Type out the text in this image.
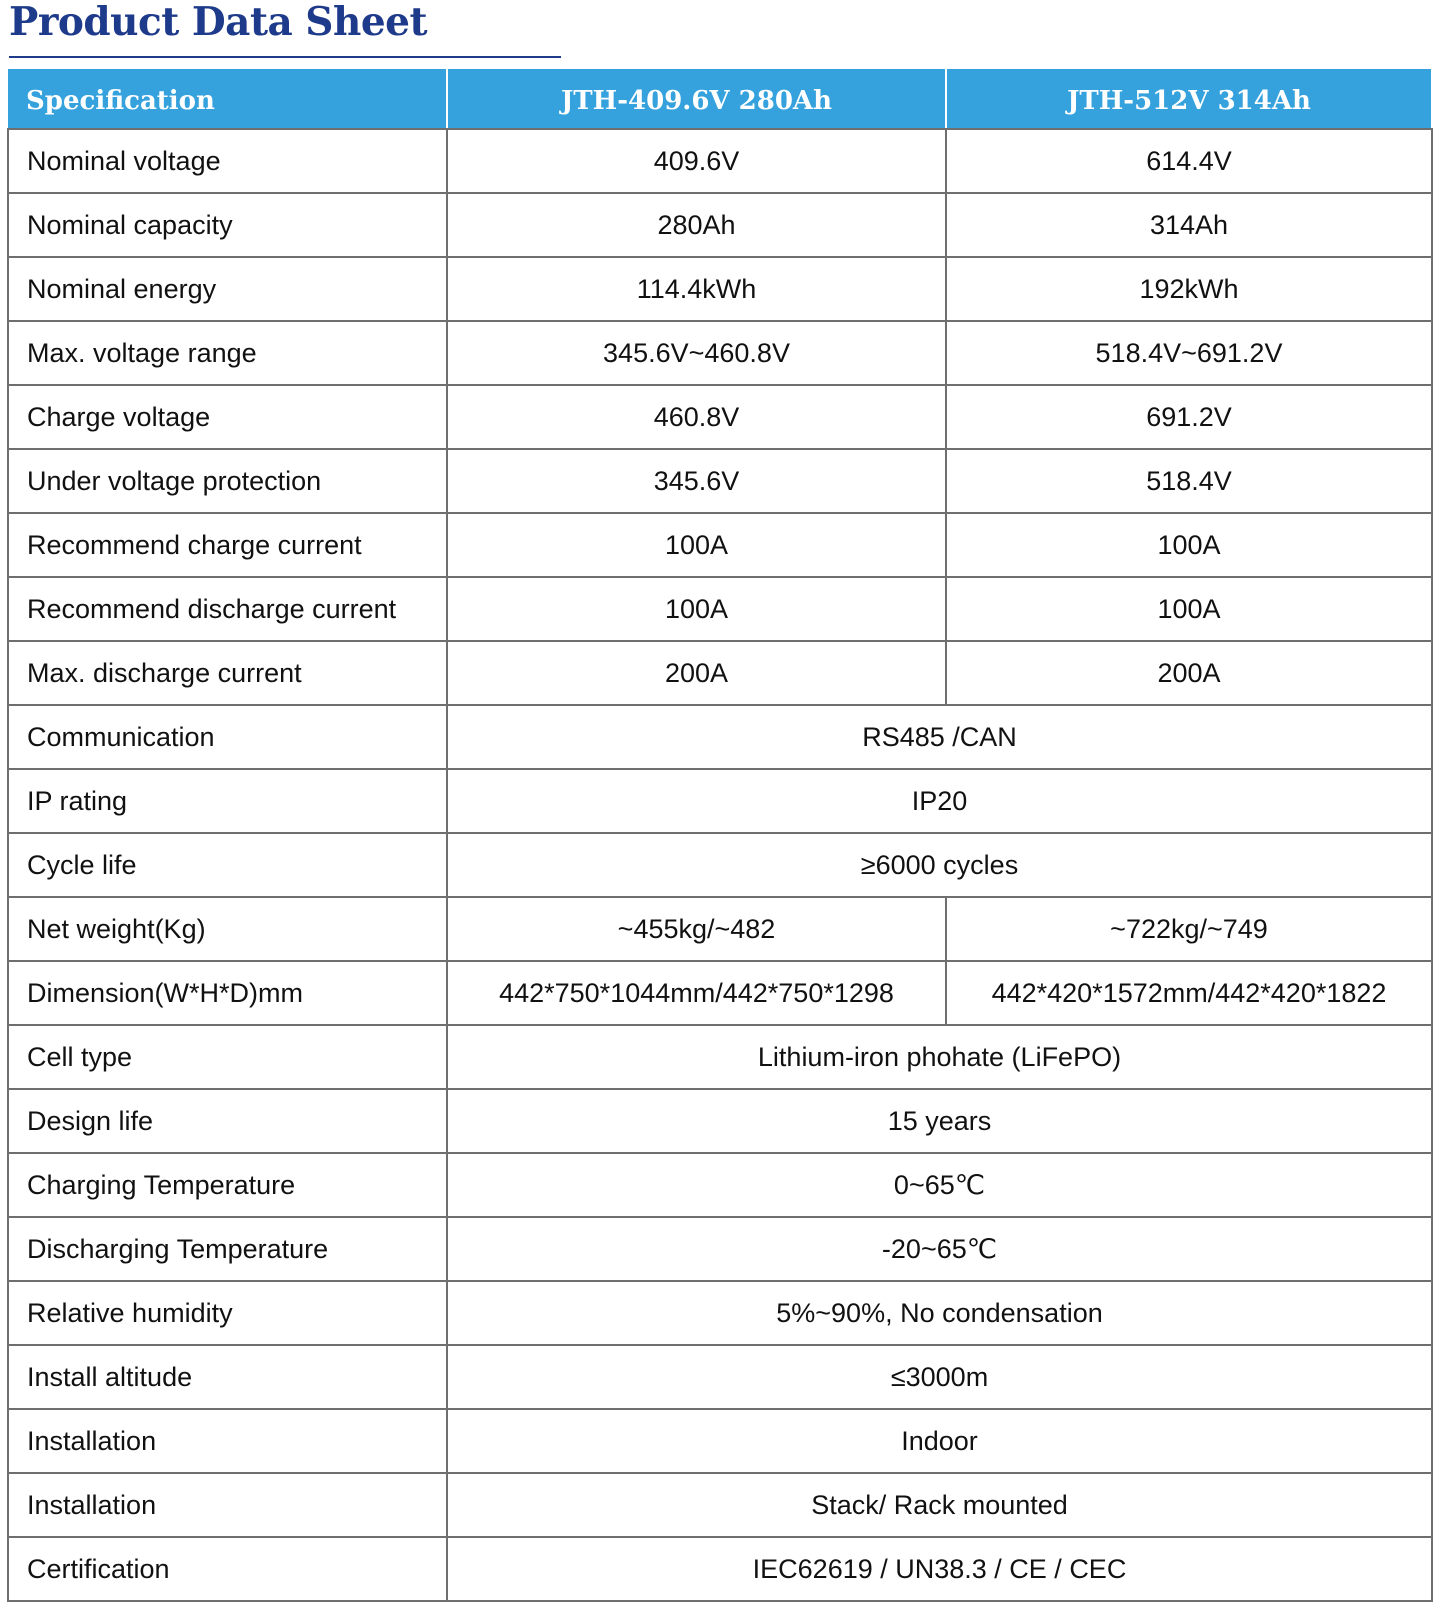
Product Data Sheet
Specification	JTH-409.6V 280Ah	JTH-512V 314Ah
Nominal voltage	409.6V	614.4V
Nominal capacity	280Ah	314Ah
Nominal energy	114.4kWh	192kWh
Max. voltage range	345.6V~460.8V	518.4V~691.2V
Charge voltage	460.8V	691.2V
Under voltage protection	345.6V	518.4V
Recommend charge current	100A	100A
Recommend discharge current	100A	100A
Max. discharge current	200A	200A
Communication	RS485 /CAN	
IP rating	IP20	
Cycle life	≥6000 cycles	
Net weight(Kg)	~455kg/~482	~722kg/~749
Dimension(W*H*D)mm	442*750*1044mm/442*750*1298	442*420*1572mm/442*420*1822
Cell type	Lithium-iron phohate (LiFePO)	
Design life	15 years	
Charging Temperature	0~65℃	
Discharging Temperature	-20~65℃	
Relative humidity	5%~90%, No condensation	
Install altitude	≤3000m	
Installation	Indoor	
Installation	Stack/ Rack mounted	
Certification	IEC62619 / UN38.3 / CE / CEC	
